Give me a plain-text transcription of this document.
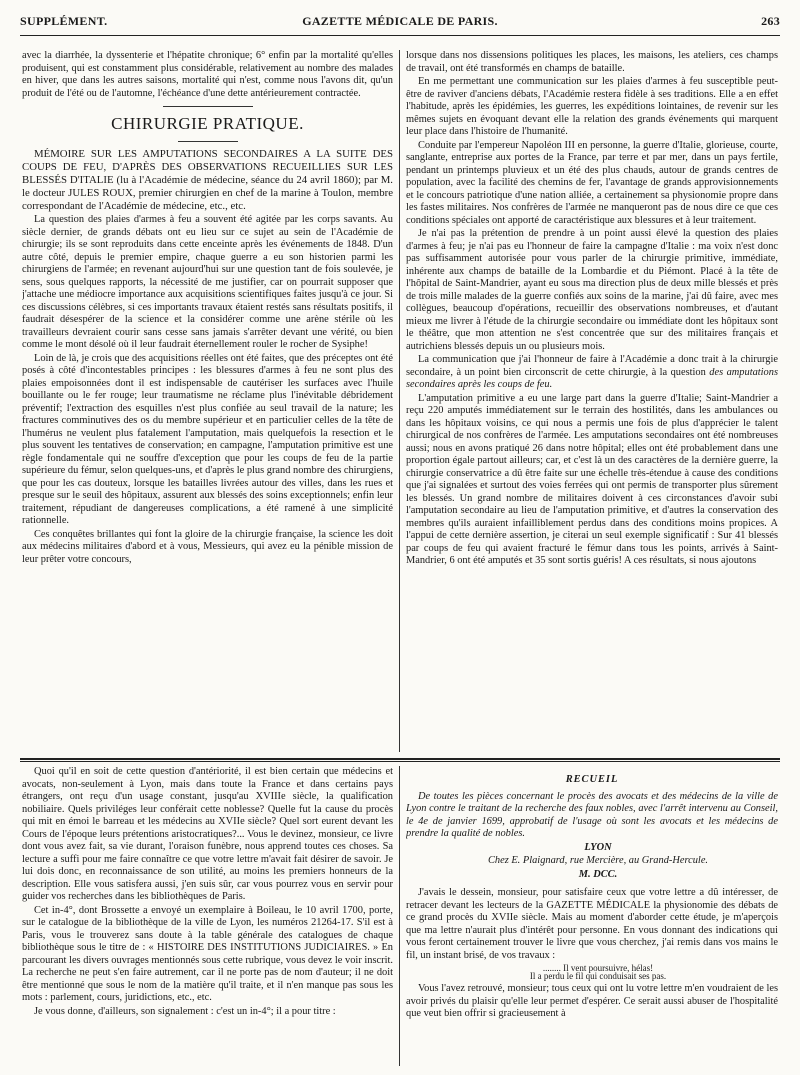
SUPPLÉMENT.	GAZETTE MÉDICALE DE PARIS.	263

avec la diarrhée, la dyssenterie et l'hépatite chronique; 6° enfin par la mortalité qu'elles produisent, qui est constamment plus considérable, relativement au nombre des malades en hiver, que dans les autres saisons, mortalité qui n'est, comme nous l'avons dit, qu'un produit de l'été ou de l'automne, l'échéance d'une dette antérieurement contractée.

CHIRURGIE PRATIQUE.

MÉMOIRE SUR LES AMPUTATIONS SECONDAIRES A LA SUITE DES COUPS DE FEU, D'APRÈS DES OBSERVATIONS RECUEILLIES SUR LES BLESSÉS D'ITALIE (lu à l'Académie de médecine, séance du 24 avril 1860); par M. le docteur JULES ROUX, premier chirurgien en chef de la marine à Toulon, membre correspondant de l'Académie de médecine, etc., etc.

La question des plaies d'armes à feu a souvent été agitée par les corps savants. Au siècle dernier, de grands débats ont eu lieu sur ce sujet au sein de l'Académie de chirurgie; ils se sont reproduits dans cette enceinte après les événements de 1848. D'un autre côté, depuis le premier empire, chaque guerre a eu son historien parmi les chirurgiens de l'armée; en revenant aujourd'hui sur une question tant de fois soulevée, je sens, sous quelques rapports, la nécessité de me justifier, car on pourrait supposer que j'attache une médiocre importance aux acquisitions scientifiques faites jusqu'à ce jour. Si ces discussions célèbres, si ces importants travaux étaient restés sans résultats positifs, il faudrait désespérer de la science et la considérer comme une arène stérile où les travailleurs devraient courir sans cesse sans jamais s'arrêter devant une vérité, ou bien comme le mont désolé où il leur faudrait éternellement rouler le rocher de Sysiphe!

Loin de là, je crois que des acquisitions réelles ont été faites, que des préceptes ont été posés à côté d'incontestables principes : les blessures d'armes à feu ne sont plus des plaies empoisonnées dont il est indispensable de cautériser les surfaces avec l'huile bouillante ou le fer rouge; leur traumatisme ne réclame plus l'inévitable débridement préventif; l'extraction des esquilles n'est plus confiée au seul travail de la nature; les fractures comminutives des os du membre supérieur et en particulier celles de la tête de l'humérus ne veulent plus fatalement l'amputation, mais quelquefois la resection et le plus souvent les tentatives de conservation; en campagne, l'amputation primitive est une règle fondamentale qui ne souffre d'exception que pour les coups de feu de la partie supérieure du fémur, selon quelques-uns, et d'après le plus grand nombre des chirurgiens, que pour les cas douteux, lorsque les batailles livrées autour des villes, dans les rues et presque sur le seuil des hôpitaux, assurent aux blessés des soins exceptionnels; enfin leur traitement, répudiant de dangereuses complications, a été ramené à une simplicité rationnelle.

Ces conquêtes brillantes qui font la gloire de la chirurgie française, la science les doit aux médecins militaires d'abord et à vous, Messieurs, qui avez eu la pénible mission de leur prêter votre concours,

lorsque dans nos dissensions politiques les places, les maisons, les ateliers, ces champs de travail, ont été transformés en champs de bataille.

En me permettant une communication sur les plaies d'armes à feu susceptible peut-être de raviver d'anciens débats, l'Académie restera fidèle à ses traditions. Elle a en effet l'habitude, après les épidémies, les guerres, les expéditions lointaines, de revenir sur les mêmes sujets en évoquant devant elle la relation des grands événements qui marquent leur place dans l'histoire de l'humanité.

Conduite par l'empereur Napoléon III en personne, la guerre d'Italie, glorieuse, courte, sanglante, entreprise aux portes de la France, par terre et par mer, dans un pays fertile, pendant un printemps pluvieux et un été des plus chauds, autour de grands centres de population, avec la facilité des chemins de fer, l'avantage de grands approvisionnements et le concours patriotique d'une nation alliée, a certainement sa physionomie propre dans les fastes militaires. Nos confrères de l'armée ne manqueront pas de nous dire ce que ces conditions spéciales ont apporté de caractéristique aux blessures et à leur traitement.

Je n'ai pas la prétention de prendre à un point aussi élevé la question des plaies d'armes à feu; je n'ai pas eu l'honneur de faire la campagne d'Italie : ma voix n'est donc pas suffisamment autorisée pour vous parler de la chirurgie primitive, immédiate, inhérente aux champs de bataille de la Lombardie et du Piémont. Placé à la tête de l'hôpital de Saint-Mandrier, ayant eu sous ma direction plus de deux mille blessés et près de trois mille malades de la guerre confiés aux soins de la marine, j'ai dû faire, avec mes collègues, beaucoup d'opérations, recueillir des observations nombreuses, et d'autant mieux me livrer à l'étude de la chirurgie secondaire ou immédiate dont les hôpitaux sont le théâtre, que mon attention ne s'est concentrée que sur des militaires français et autrichiens blessés depuis un ou plusieurs mois.

La communication que j'ai l'honneur de faire à l'Académie a donc trait à la chirurgie secondaire, à un point bien circonscrit de cette chirurgie, à la question des amputations secondaires après les coups de feu.

L'amputation primitive a eu une large part dans la guerre d'Italie; Saint-Mandrier a reçu 220 amputés immédiatement sur le terrain des hostilités, dans les ambulances ou dans les hôpitaux voisins, ce qui nous a permis une fois de plus d'apprécier le talent chirurgical de nos confrères de l'armée. Les amputations secondaires ont été nombreuses aussi; nous en avons pratiqué 26 dans notre hôpital; elles ont été probablement dans une proportion égale partout ailleurs; car, et c'est là un des caractères de la dernière guerre, la chirurgie conservatrice a dû être faite sur une échelle très-étendue à cause des conditions que j'ai signalées et surtout des voies ferrées qui ont permis de transporter plus sûrement les blessés. Un grand nombre de militaires doivent à ces circonstances d'avoir subi l'amputation secondaire au lieu de l'amputation primitive, et d'autres la conservation des membres qu'ils auraient infailliblement perdus dans des conditions moins propices. A l'appui de cette dernière assertion, je citerai un seul exemple significatif : Sur 41 blessés par coups de feu qui avaient fracturé le fémur dans tous les points, arrivés à Saint-Mandrier, 6 ont été amputés et 35 sont sortis guéris! A ces résultats, si nous ajoutons

Quoi qu'il en soit de cette question d'antériorité, il est bien certain que médecins et avocats, non-seulement à Lyon, mais dans toute la France et dans certains pays étrangers, ont reçu d'un usage constant, jusqu'au XVIIIe siècle, la qualification nobiliaire. Quels priviléges leur conférait cette noblesse? Quelle fut la cause du procès qui mit en émoi le barreau et les médecins au XVIIe siècle? Quel sort eurent devant les Cours de l'époque leurs prétentions aristocratiques?... Vous le devinez, monsieur, ce livre dont vous avez fait, sa vie durant, l'oraison funèbre, nous apprend toutes ces choses. Sa lecture a suffi pour me faire connaître ce que votre lettre m'avait fait désirer de savoir. Je lui dois donc, en reconnaissance de son utilité, au moins les premiers honneurs de la description. Elle vous satisfera aussi, j'en suis sûr, car vous pourrez vous en servir pour guider vos recherches dans les bibliothèques de Paris.

Cet in-4°, dont Brossette a envoyé un exemplaire à Boileau, le 10 avril 1700, porte, sur le catalogue de la bibliothèque de la ville de Lyon, les numéros 21264-17. S'il est à Paris, vous le trouverez sans doute à la table générale des catalogues de chaque bibliothèque sous le titre de : « HISTOIRE DES INSTITUTIONS JUDICIAIRES. » En parcourant les divers ouvrages mentionnés sous cette rubrique, vous devez le voir inscrit. La recherche ne peut s'en faire autrement, car il ne porte pas de nom d'auteur; il ne doit être mentionné que sous le nom de la matière qu'il traite, et il n'en manque pas sous les mots : parlement, cours, juridictions, etc., etc.

Je vous donne, d'ailleurs, son signalement : c'est un in-4°; il a pour titre :

RECUEIL

De toutes les pièces concernant le procès des avocats et des médecins de la ville de Lyon contre le traitant de la recherche des faux nobles, avec l'arrêt intervenu au Conseil, le 4e de janvier 1699, approbatif de l'usage où sont les avocats et les médecins de prendre la qualité de nobles.

LYON

Chez E. Plaignard, rue Mercière, au Grand-Hercule.

M. DCC.

J'avais le dessein, monsieur, pour satisfaire ceux que votre lettre a dû intéresser, de retracer devant les lecteurs de la GAZETTE MÉDICALE la physionomie des débats de ce grand procès du XVIIe siècle. Mais au moment d'aborder cette étude, je m'aperçois que ma lettre n'aurait plus d'intérêt pour personne. En vous donnant des indications qui vous feront certainement trouver le livre que vous cherchez, j'ai remis dans vos mains le fil, un instant brisé, de vos travaux :

........ Il vent poursuivre, hélas!

Il a perdu le fil qui conduisait ses pas.

Vous l'avez retrouvé, monsieur; tous ceux qui ont lu votre lettre m'en voudraient de les avoir privés du plaisir qu'elle leur permet d'espérer. Ce serait aussi abuser de l'hospitalité que veut bien offrir si gracieusement à
